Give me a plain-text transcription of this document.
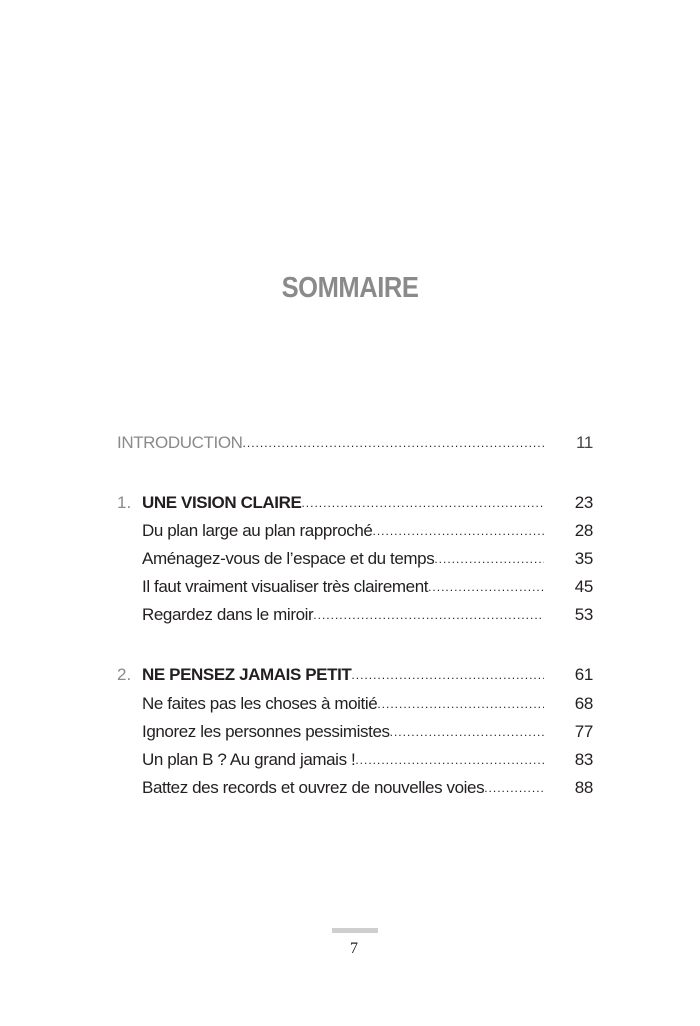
SOMMAIRE
INTRODUCTION .....	11
1. UNE VISION CLAIRE .....	23
Du plan large au plan rapproché .....	28
Aménagez-vous de l’espace et du temps .....	35
Il faut vraiment visualiser très clairement .....	45
Regardez dans le miroir .....	53
2. NE PENSEZ JAMAIS PETIT .....	61
Ne faites pas les choses à moitié .....	68
Ignorez les personnes pessimistes .....	77
Un plan B ? Au grand jamais ! .....	83
Battez des records et ouvrez de nouvelles voies .....	88
7
